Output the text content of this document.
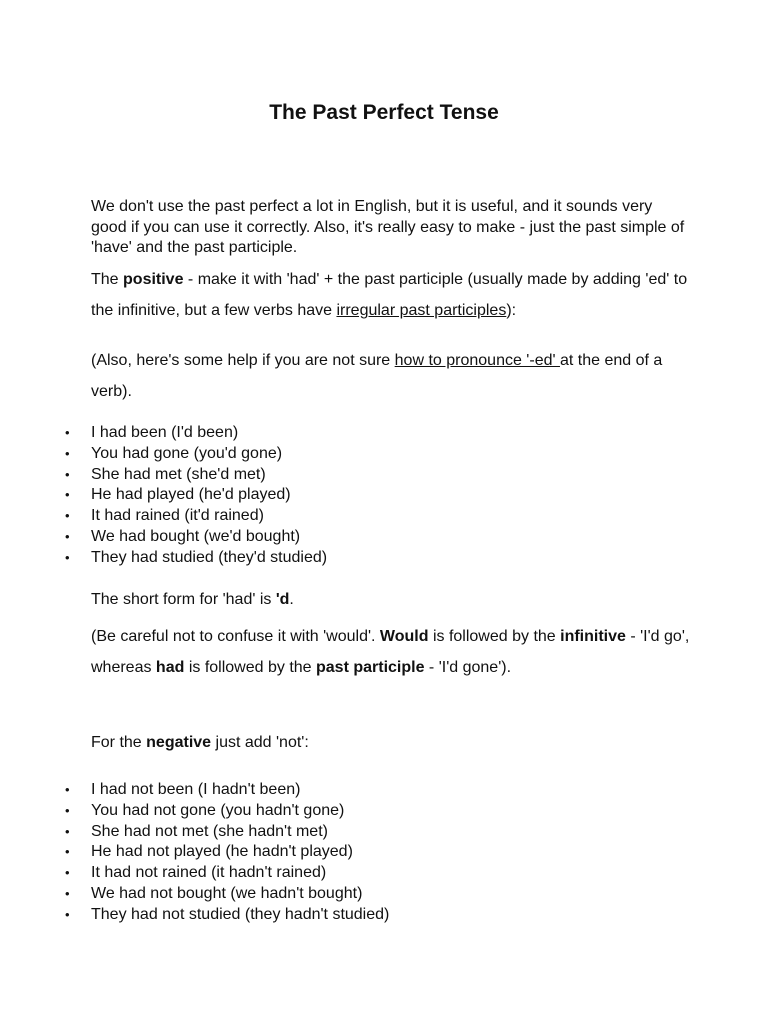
The Past Perfect Tense

We don't use the past perfect a lot in English, but it is useful, and it sounds very good if you can use it correctly. Also, it's really easy to make - just the past simple of 'have' and the past participle.

The positive - make it with 'had' + the past participle (usually made by adding 'ed' to the infinitive, but a few verbs have irregular past participles):

(Also, here's some help if you are not sure how to pronounce '-ed' at the end of a verb).

• I had been (I'd been)
• You had gone (you'd gone)
• She had met (she'd met)
• He had played (he'd played)
• It had rained (it'd rained)
• We had bought (we'd bought)
• They had studied (they'd studied)

The short form for 'had' is 'd.

(Be careful not to confuse it with 'would'. Would is followed by the infinitive - 'I'd go', whereas had is followed by the past participle - 'I'd gone').

For the negative just add 'not':

• I had not been (I hadn't been)
• You had not gone (you hadn't gone)
• She had not met (she hadn't met)
• He had not played (he hadn't played)
• It had not rained (it hadn't rained)
• We had not bought (we hadn't bought)
• They had not studied (they hadn't studied)
